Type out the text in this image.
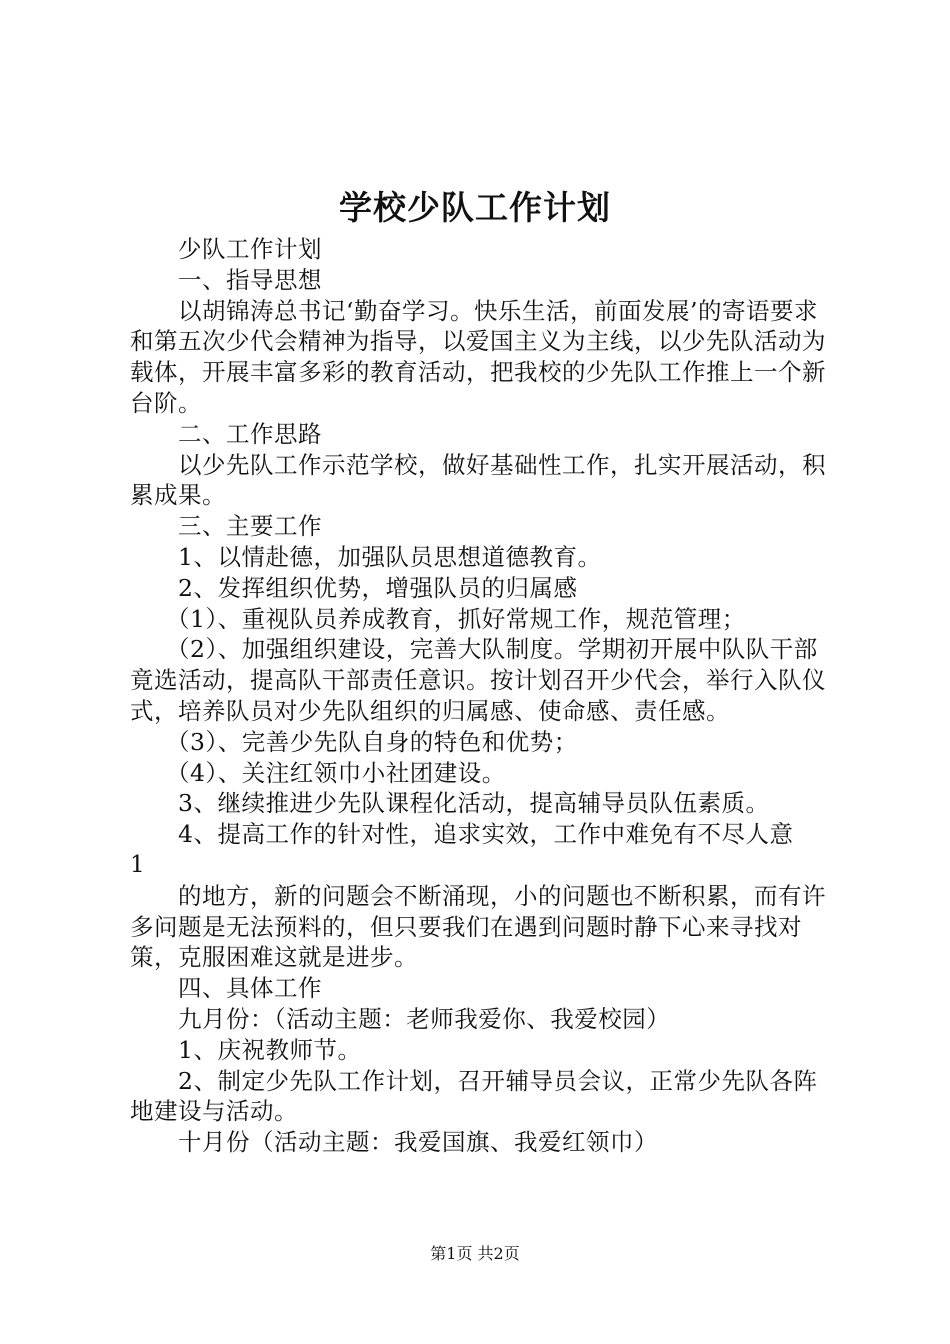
学校少队工作计划

少队工作计划

一、指导思想

以胡锦涛总书记‘勤奋学习。快乐生活，前面发展’的寄语要求和第五次少代会精神为指导，以爱国主义为主线，以少先队活动为载体，开展丰富多彩的教育活动，把我校的少先队工作推上一个新台阶。

二、工作思路

以少先队工作示范学校，做好基础性工作，扎实开展活动，积累成果。

三、主要工作

1、以情赴德，加强队员思想道德教育。

2、发挥组织优势，增强队员的归属感

（1）、重视队员养成教育，抓好常规工作，规范管理；

（2）、加强组织建设，完善大队制度。学期初开展中队队干部竟选活动，提高队干部责任意识。按计划召开少代会，举行入队仪式，培养队员对少先队组织的归属感、使命感、责任感。

（3）、完善少先队自身的特色和优势；

（4）、关注红领巾小社团建设。

3、继续推进少先队课程化活动，提高辅导员队伍素质。

4、提高工作的针对性，追求实效，工作中难免有不尽人意

1

的地方，新的问题会不断涌现，小的问题也不断积累，而有许多问题是无法预料的，但只要我们在遇到问题时静下心来寻找对策，克服困难这就是进步。

四、具体工作

九月份：（活动主题：老师我爱你、我爱校园）

1、庆祝教师节。

2、制定少先队工作计划，召开辅导员会议，正常少先队各阵地建设与活动。

十月份（活动主题：我爱国旗、我爱红领巾）

第1页 共2页
